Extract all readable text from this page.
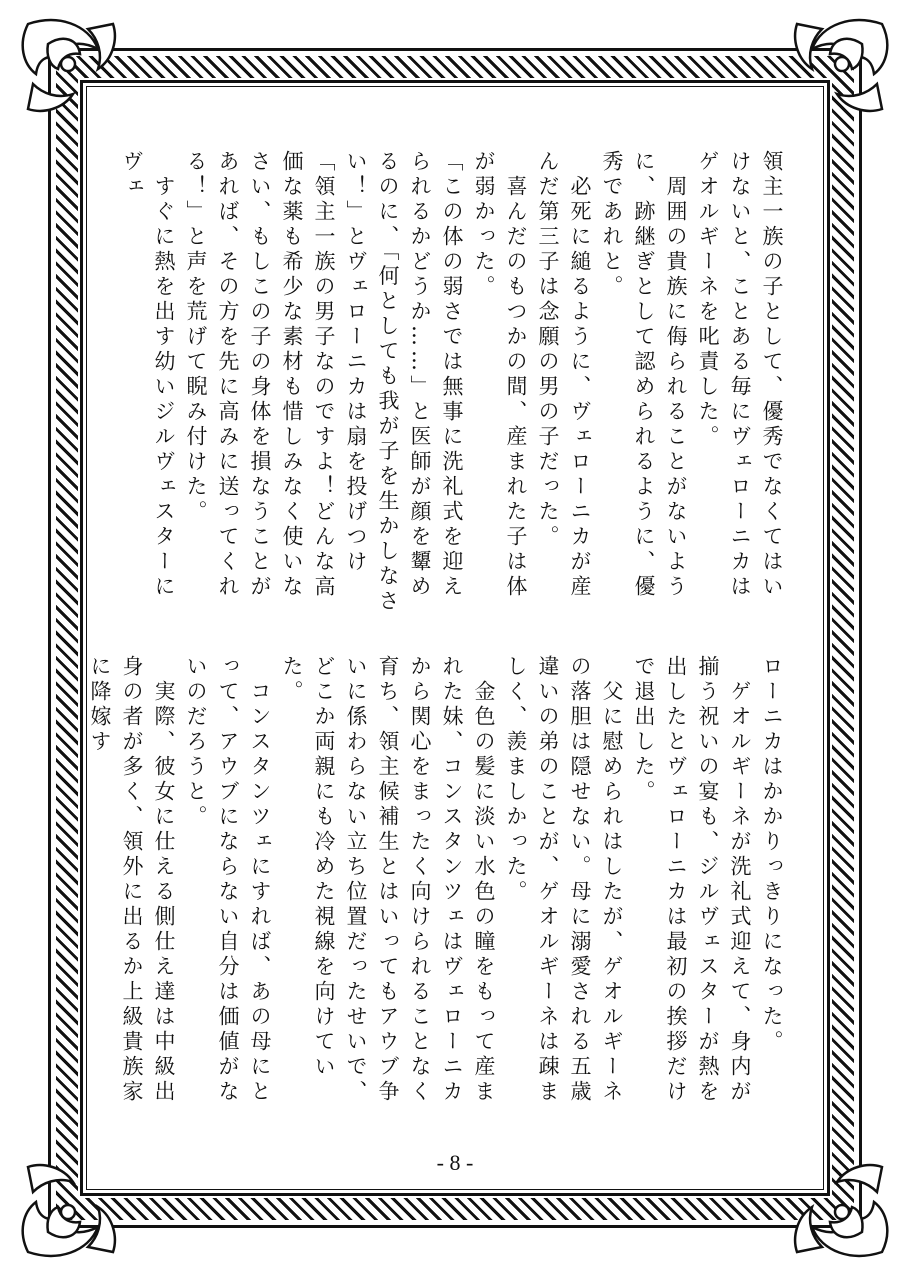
領主一族の子として、優秀でなくてはいけないと、ことある毎にヴェローニカはゲオルギーネを叱責した。
　周囲の貴族に侮られることがないように、跡継ぎとして認められるように、優秀であれと。
　必死に縋るように、ヴェローニカが産んだ第三子は念願の男の子だった。
　喜んだのもつかの間、産まれた子は体が弱かった。
「この体の弱さでは無事に洗礼式を迎えられるかどうか……」と医師が顔を顰めるのに、「何としても我が子を生かしなさい！」とヴェローニカは扇を投げつけ「領主一族の男子なのですよ！どんな高価な薬も希少な素材も惜しみなく使いなさい、もしこの子の身体を損なうことがあれば、その方を先に高みに送ってくれる！」と声を荒げて睨み付けた。
　すぐに熱を出す幼いジルヴェスターにヴェ
ローニカはかかりっきりになった。
　ゲオルギーネが洗礼式迎えて、身内が揃う祝いの宴も、ジルヴェスターが熱を出したとヴェローニカは最初の挨拶だけで退出した。
　父に慰められはしたが、ゲオルギーネの落胆は隠せない。母に溺愛される五歳違いの弟のことが、ゲオルギーネは疎ましく、羨ましかった。
　金色の髪に淡い水色の瞳をもって産まれた妹、コンスタンツェはヴェローニカから関心をまったく向けられることなく育ち、領主候補生とはいってもアウブ争いに係わらない立ち位置だったせいで、どこか両親にも冷めた視線を向けていた。
　コンスタンツェにすれば、あの母にとって、アウブにならない自分は価値がないのだろうと。
　実際、彼女に仕える側仕え達は中級出身の者が多く、領外に出るか上級貴族家に降嫁す
- 8 -
